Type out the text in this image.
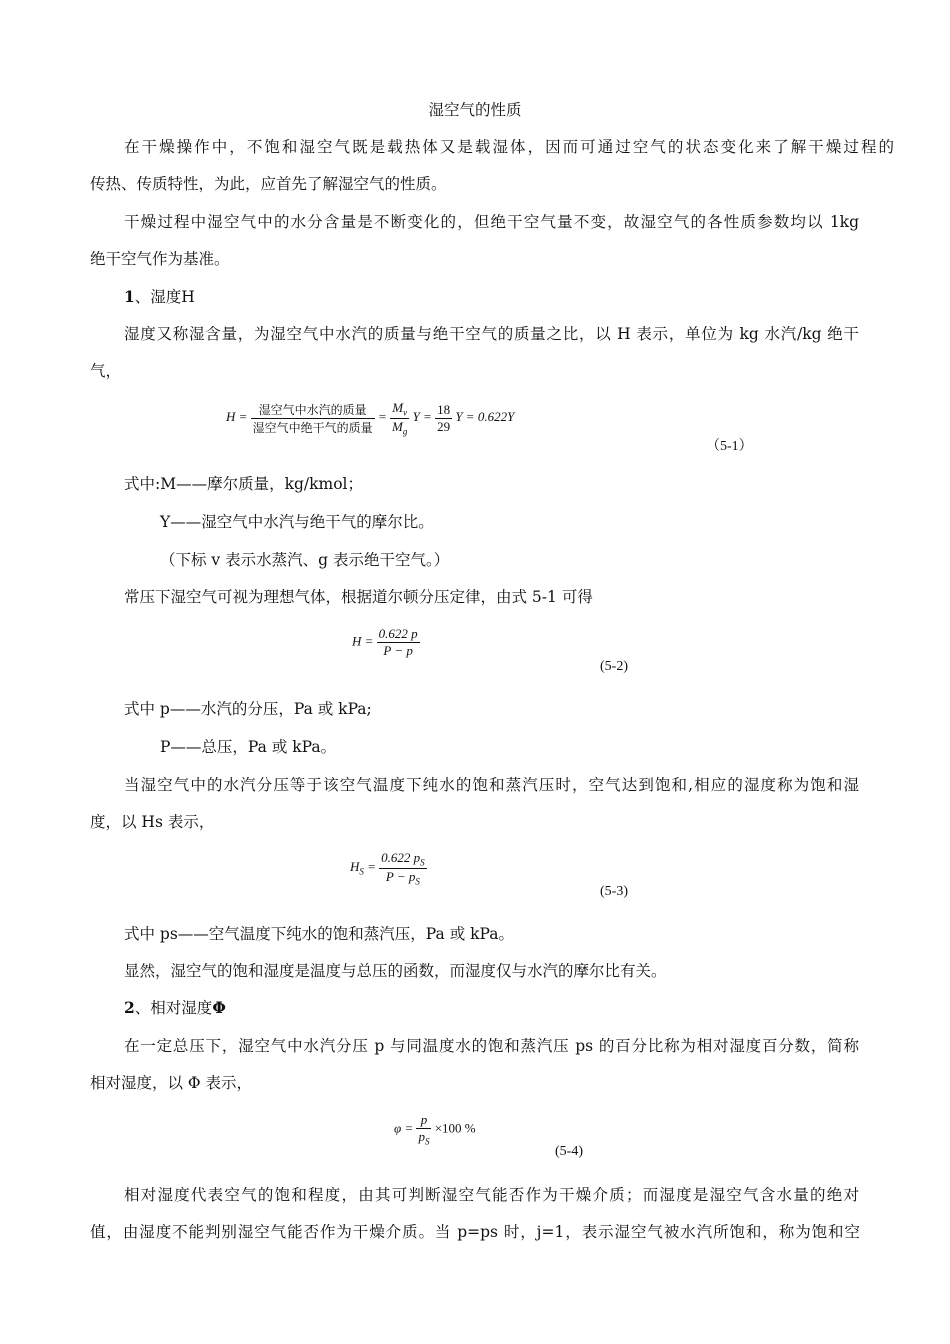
湿空气的性质
在干燥操作中，不饱和湿空气既是载热体又是载湿体，因而可通过空气的状态变化来了解干燥过程的
传热、传质特性，为此，应首先了解湿空气的性质。
干燥过程中湿空气中的水分含量是不断变化的，但绝干空气量不变，故湿空气的各性质参数均以 1kg
绝干空气作为基准。
1、湿度H
湿度又称湿含量，为湿空气中水汽的质量与绝干空气的质量之比，以 H 表示，单位为 kg 水汽/kg 绝干
气，
$H = \frac{\text{湿空气中水汽的质量}}{\text{湿空气中绝干气的质量}} = \frac{M_v}{M_g}$ $Y = \frac{18}{29}$ Y = 0.622Y
（5-1）
式中:M——摩尔质量，kg/kmol；
Y——湿空气中水汽与绝干气的摩尔比。
（下标 v 表示水蒸汽、g 表示绝干空气。）
常压下湿空气可视为理想气体，根据道尔顿分压定律，由式 5-1 可得
$H = \frac{0.622 p}{P - p}$
(5-2)
式中 p——水汽的分压，Pa 或 kPa;
P——总压，Pa 或 kPa。
当湿空气中的水汽分压等于该空气温度下纯水的饱和蒸汽压时，空气达到饱和,相应的湿度称为饱和湿
度，以 Hs 表示，
$H_S = \frac{0.622 p_S}{P - p_S}$
(5-3)
式中 ps——空气温度下纯水的饱和蒸汽压，Pa 或 kPa。
显然，湿空气的饱和湿度是温度与总压的函数，而湿度仅与水汽的摩尔比有关。
2、相对湿度Φ
在一定总压下，湿空气中水汽分压 p 与同温度水的饱和蒸汽压 ps 的百分比称为相对湿度百分数，简称
相对湿度，以 Φ 表示，
$\varphi = \frac{p}{p_S} \times 100$ %
(5-4)
相对湿度代表空气的饱和程度，由其可判断湿空气能否作为干燥介质；而湿度是湿空气含水量的绝对
值，由湿度不能判别湿空气能否作为干燥介质。当 p=ps 时，j=1，表示湿空气被水汽所饱和，称为饱和空
